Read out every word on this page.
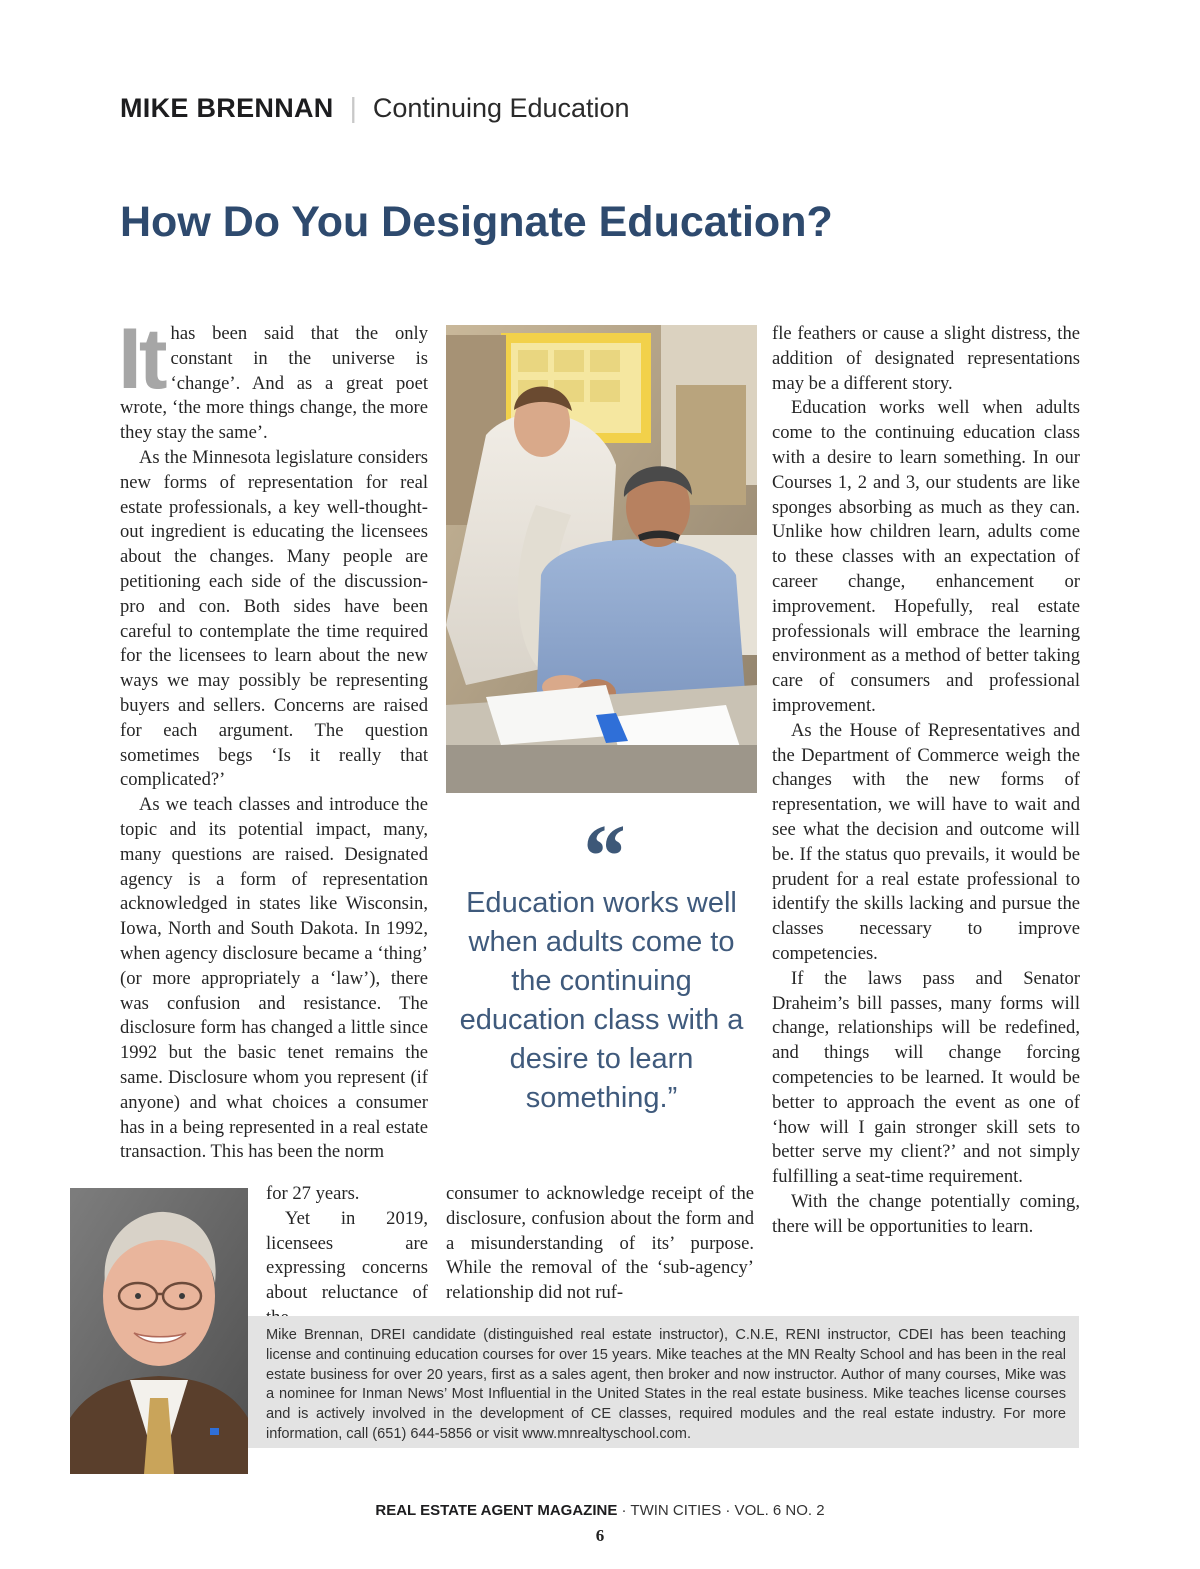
MIKE BRENNAN | Continuing Education
How Do You Designate Education?
It has been said that the only constant in the universe is ‘change’. And as a great poet wrote, ‘the more things change, the more they stay the same’.

As the Minnesota legislature considers new forms of representation for real estate professionals, a key well-thought-out ingredient is educating the licensees about the changes. Many people are petitioning each side of the discussion-pro and con. Both sides have been careful to contemplate the time required for the licensees to learn about the new ways we may possibly be representing buyers and sellers. Concerns are raised for each argument. The question sometimes begs ‘Is it really that complicated?’

As we teach classes and introduce the topic and its potential impact, many, many questions are raised. Designated agency is a form of representation acknowledged in states like Wisconsin, Iowa, North and South Dakota. In 1992, when agency disclosure became a ‘thing’ (or more appropriately a ‘law’), there was confusion and resistance. The disclosure form has changed a little since 1992 but the basic tenet remains the same. Disclosure whom you represent (if anyone) and what choices a consumer has in a being represented in a real estate transaction. This has been the norm

for 27 years.

Yet in 2019, licensees are expressing concerns about reluctance of

“
Education works well when adults come to the continuing education class with a desire to learn something.”

consumer to acknowledge receipt of the disclosure, confusion about the form and a misunderstanding of its’ purpose. While the removal of the ‘sub-agency’ relationship did not ruf-

fle feathers or cause a slight distress, the addition of designated representations may be a different story.

Education works well when adults come to the continuing education class with a desire to learn something. In our Courses 1, 2 and 3, our students are like sponges absorbing as much as they can. Unlike how children learn, adults come to these classes with an expectation of career change, enhancement or improvement. Hopefully, real estate professionals will embrace the learning environment as a method of better taking care of consumers and professional improvement.

As the House of Representatives and the Department of Commerce weigh the changes with the new forms of representation, we will have to wait and see what the decision and outcome will be. If the status quo prevails, it would be prudent for a real estate professional to identify the skills lacking and pursue the classes necessary to improve competencies.

If the laws pass and Senator Draheim’s bill passes, many forms will change, relationships will be redefined, and things will change forcing competencies to be learned. It would be better to approach the event as one of ‘how will I gain stronger skill sets to better serve my client?’ and not simply fulfilling a seat-time requirement.

With the change potentially coming, there will be opportunities to learn.

Mike Brennan, DREI candidate (distinguished real estate instructor), C.N.E, RENI instructor, CDEI has been teaching license and continuing education courses for over 15 years. Mike teaches at the MN Realty School and has been in the real estate business for over 20 years, first as a sales agent, then broker and now instructor. Author of many courses, Mike was a nominee for Inman News’ Most Influential in the United States in the real estate business. Mike teaches license courses and is actively involved in the development of CE classes, required modules and the real estate industry. For more information, call (651) 644-5856 or visit www.mnrealtyschool.com.

REAL ESTATE AGENT MAGAZINE · TWIN CITIES · VOL. 6 NO. 2
6
